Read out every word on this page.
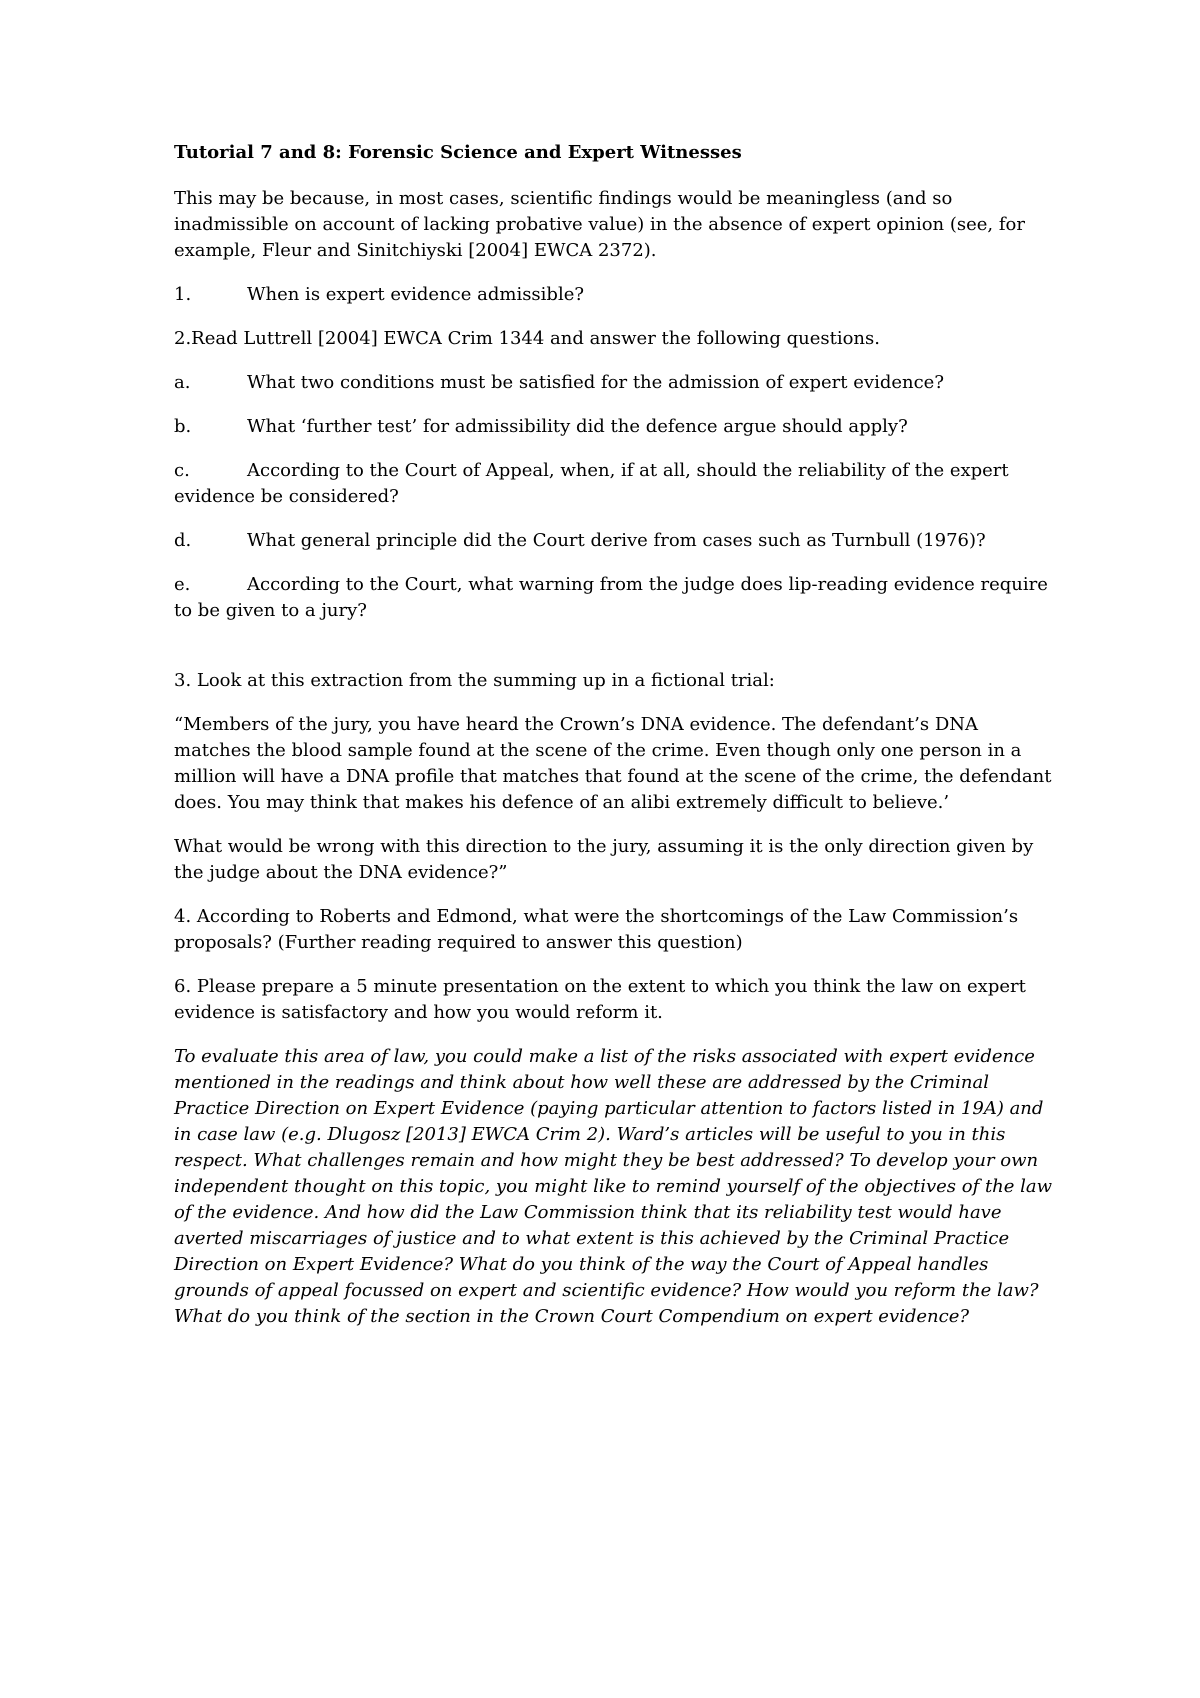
Tutorial 7 and 8: Forensic Science and Expert Witnesses

This may be because, in most cases, scientific findings would be meaningless (and so inadmissible on account of lacking probative value) in the absence of expert opinion (see, for example, Fleur and Sinitchiyski [2004] EWCA 2372).

1.	When is expert evidence admissible?

2.Read Luttrell [2004] EWCA Crim 1344 and answer the following questions.

a.	What two conditions must be satisfied for the admission of expert evidence?
b.	What ‘further test’ for admissibility did the defence argue should apply?
c.	According to the Court of Appeal, when, if at all, should the reliability of the expert evidence be considered?
d.	What general principle did the Court derive from cases such as Turnbull (1976)?
e.	According to the Court, what warning from the judge does lip-reading evidence require to be given to a jury?

3. Look at this extraction from the summing up in a fictional trial:

“Members of the jury, you have heard the Crown’s DNA evidence. The defendant’s DNA matches the blood sample found at the scene of the crime. Even though only one person in a million will have a DNA profile that matches that found at the scene of the crime, the defendant does. You may think that makes his defence of an alibi extremely difficult to believe.’

What would be wrong with this direction to the jury, assuming it is the only direction given by the judge about the DNA evidence?”

4. According to Roberts and Edmond, what were the shortcomings of the Law Commission’s proposals? (Further reading required to answer this question)

6. Please prepare a 5 minute presentation on the extent to which you think the law on expert evidence is satisfactory and how you would reform it.

To evaluate this area of law, you could make a list of the risks associated with expert evidence mentioned in the readings and think about how well these are addressed by the Criminal Practice Direction on Expert Evidence (paying particular attention to factors listed in 19A) and in case law (e.g. Dlugosz [2013] EWCA Crim 2). Ward’s articles will be useful to you in this respect. What challenges remain and how might they be best addressed? To develop your own independent thought on this topic, you might like to remind yourself of the objectives of the law of the evidence. And how did the Law Commission think that its reliability test would have averted miscarriages of justice and to what extent is this achieved by the Criminal Practice Direction on Expert Evidence? What do you think of the way the Court of Appeal handles grounds of appeal focussed on expert and scientific evidence? How would you reform the law? What do you think of the section in the Crown Court Compendium on expert evidence?
